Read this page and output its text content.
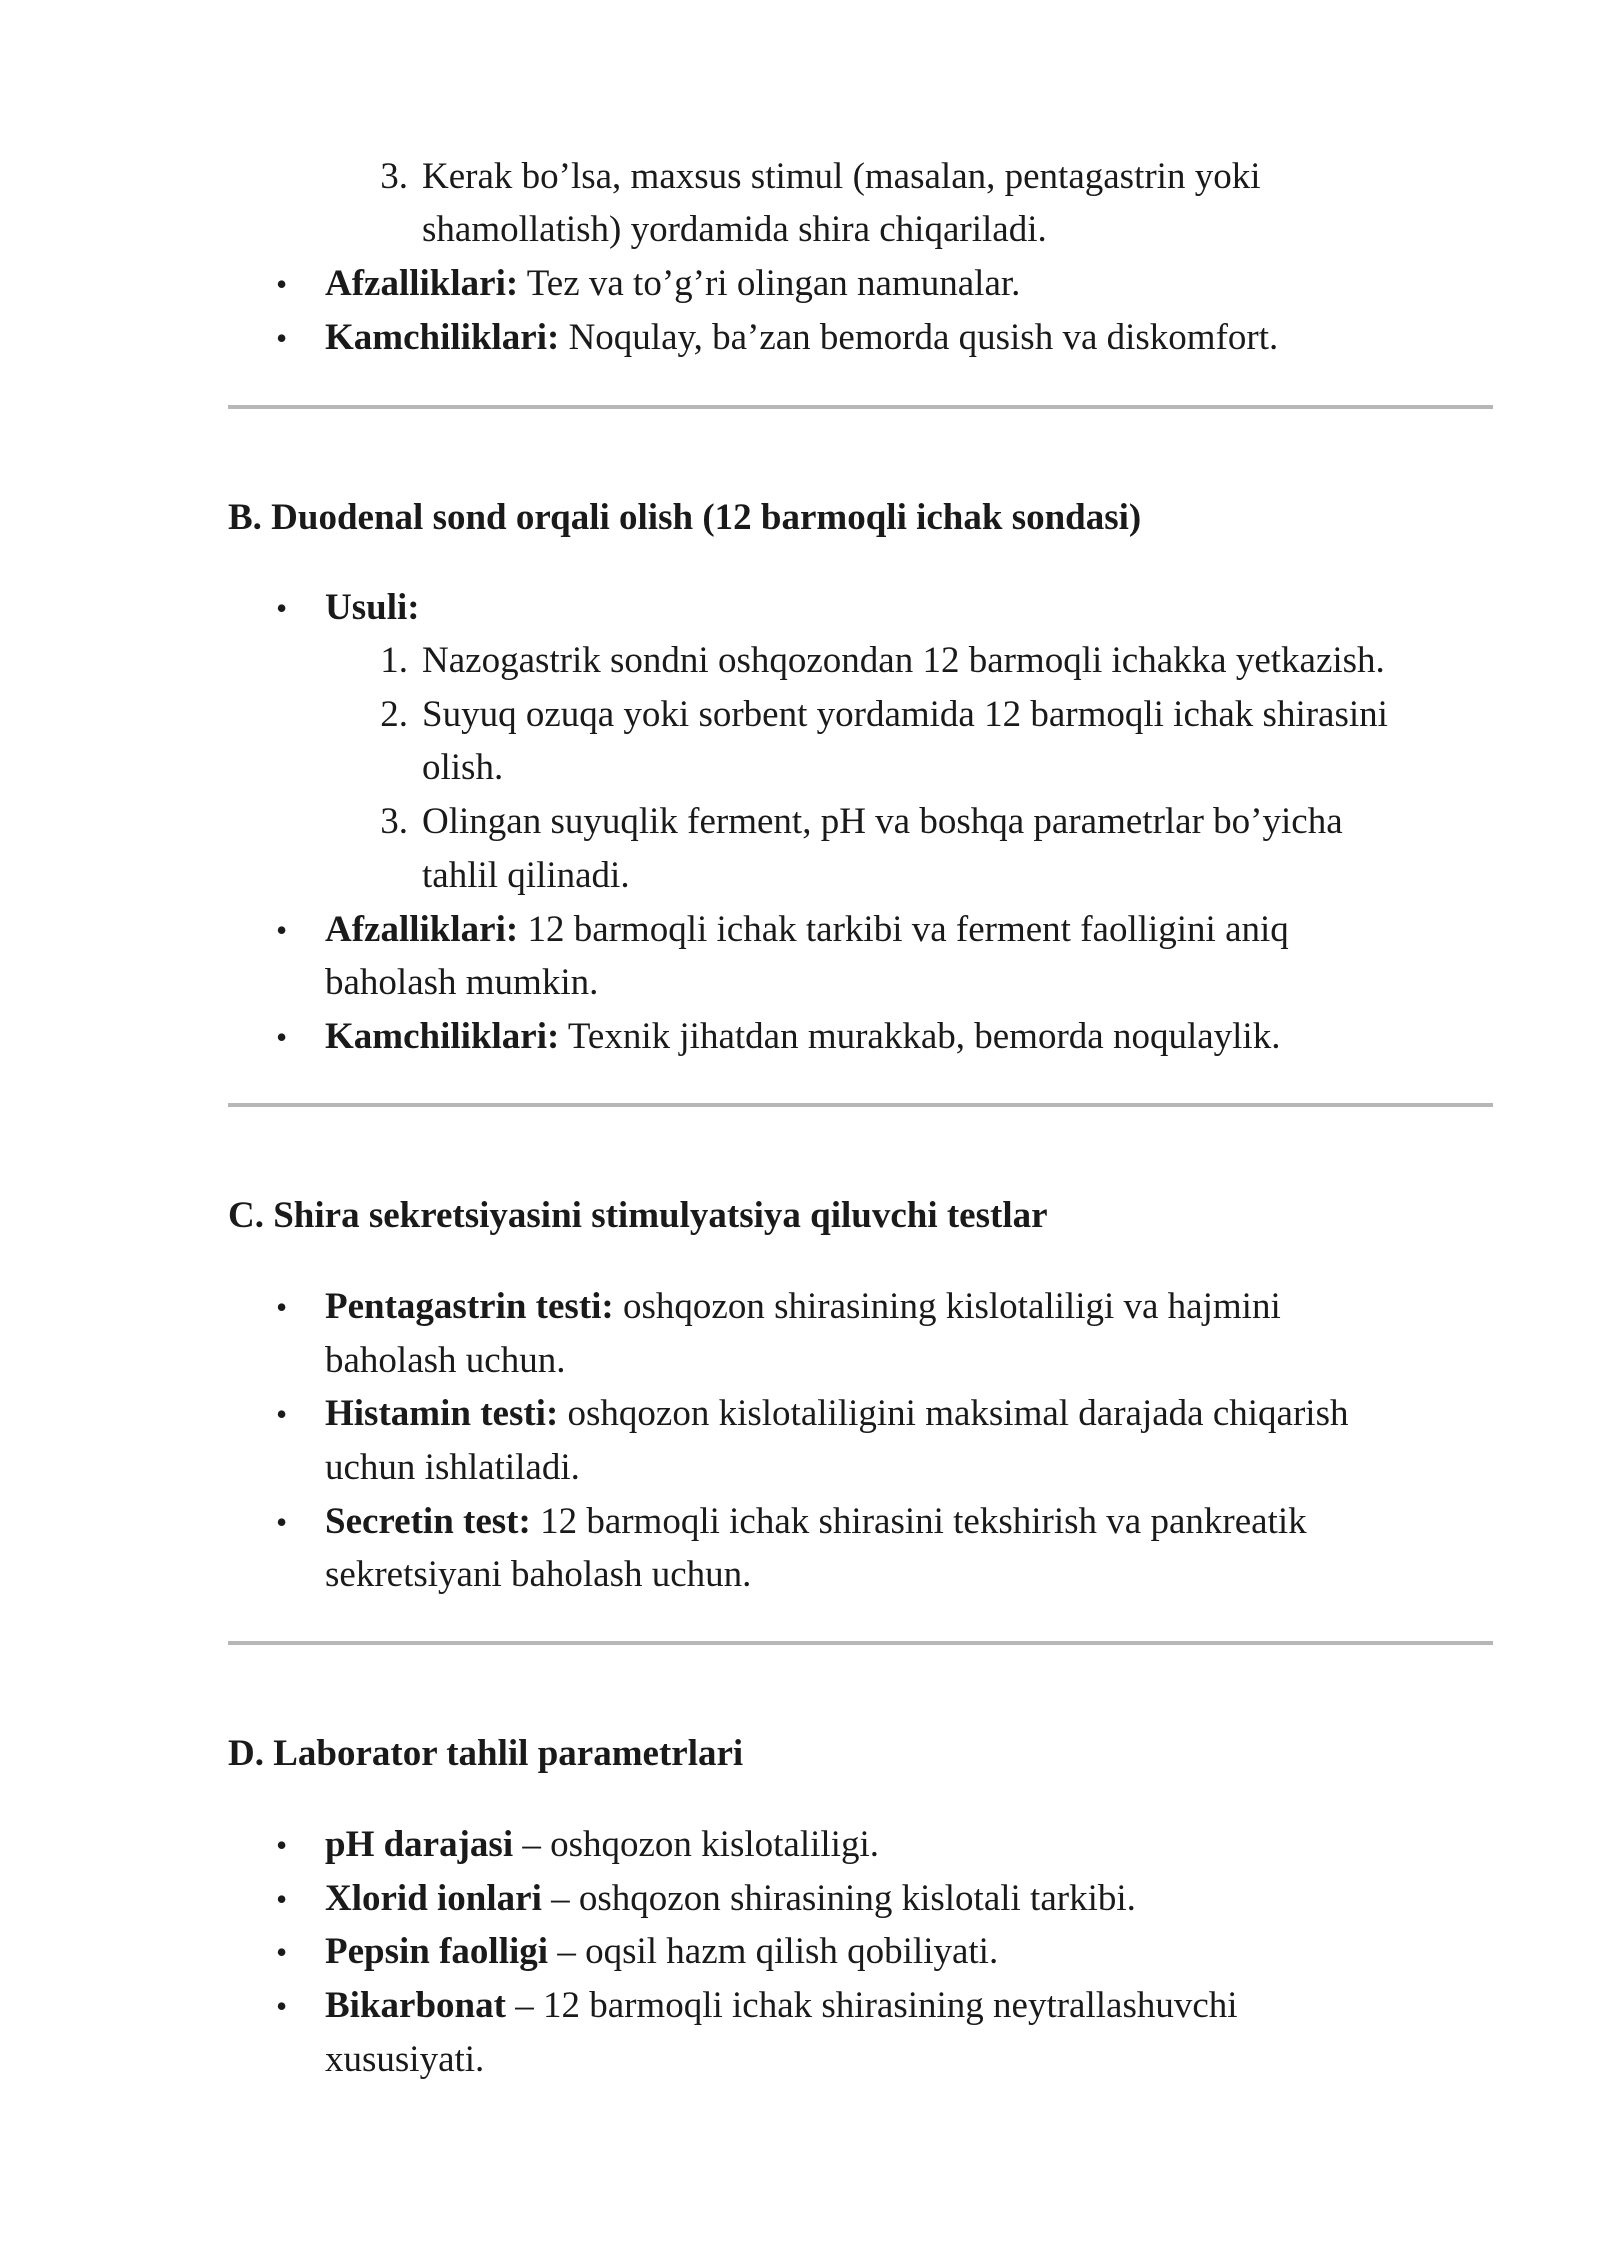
3. Kerak bo’lsa, maxsus stimul (masalan, pentagastrin yoki
shamollatish) yordamida shira chiqariladi.
• Afzalliklari: Tez va to’g’ri olingan namunalar.
• Kamchiliklari: Noqulay, ba’zan bemorda qusish va diskomfort.
B. Duodenal sond orqali olish (12 barmoqli ichak sondasi)
• Usuli:
1. Nazogastrik sondni oshqozondan 12 barmoqli ichakka yetkazish.
2. Suyuq ozuqa yoki sorbent yordamida 12 barmoqli ichak shirasini
olish.
3. Olingan suyuqlik ferment, pH va boshqa parametrlar bo’yicha
tahlil qilinadi.
• Afzalliklari: 12 barmoqli ichak tarkibi va ferment faolligini aniq
baholash mumkin.
• Kamchiliklari: Texnik jihatdan murakkab, bemorda noqulaylik.
C. Shira sekretsiyasini stimulyatsiya qiluvchi testlar
• Pentagastrin testi: oshqozon shirasining kislotaliligi va hajmini
baholash uchun.
• Histamin testi: oshqozon kislotaliligini maksimal darajada chiqarish
uchun ishlatiladi.
• Secretin test: 12 barmoqli ichak shirasini tekshirish va pankreatik
sekretsiyani baholash uchun.
D. Laborator tahlil parametrlari
• pH darajasi – oshqozon kislotaliligi.
• Xlorid ionlari – oshqozon shirasining kislotali tarkibi.
• Pepsin faolligi – oqsil hazm qilish qobiliyati.
• Bikarbonat – 12 barmoqli ichak shirasining neytrallashuvchi
xususiyati.
